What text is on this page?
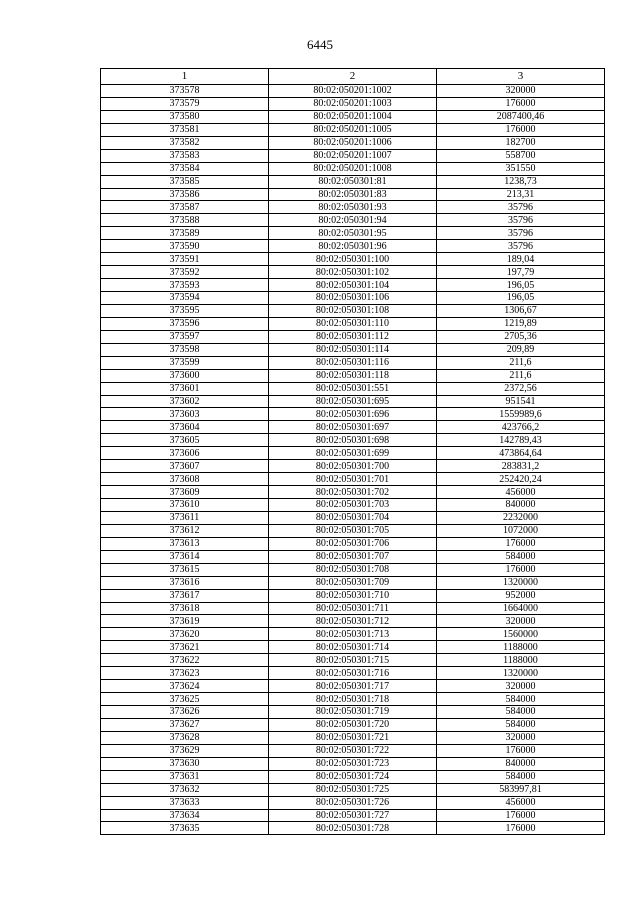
6445
1	2	3
373578	80:02:050201:1002	320000
373579	80:02:050201:1003	176000
373580	80:02:050201:1004	2087400,46
373581	80:02:050201:1005	176000
373582	80:02:050201:1006	182700
373583	80:02:050201:1007	558700
373584	80:02:050201:1008	351550
373585	80:02:050301:81	1238,73
373586	80:02:050301:83	213,31
373587	80:02:050301:93	35796
373588	80:02:050301:94	35796
373589	80:02:050301:95	35796
373590	80:02:050301:96	35796
373591	80:02:050301:100	189,04
373592	80:02:050301:102	197,79
373593	80:02:050301:104	196,05
373594	80:02:050301:106	196,05
373595	80:02:050301:108	1306,67
373596	80:02:050301:110	1219,89
373597	80:02:050301:112	2705,36
373598	80:02:050301:114	209,89
373599	80:02:050301:116	211,6
373600	80:02:050301:118	211,6
373601	80:02:050301:551	2372,56
373602	80:02:050301:695	951541
373603	80:02:050301:696	1559989,6
373604	80:02:050301:697	423766,2
373605	80:02:050301:698	142789,43
373606	80:02:050301:699	473864,64
373607	80:02:050301:700	283831,2
373608	80:02:050301:701	252420,24
373609	80:02:050301:702	456000
373610	80:02:050301:703	840000
373611	80:02:050301:704	2232000
373612	80:02:050301:705	1072000
373613	80:02:050301:706	176000
373614	80:02:050301:707	584000
373615	80:02:050301:708	176000
373616	80:02:050301:709	1320000
373617	80:02:050301:710	952000
373618	80:02:050301:711	1664000
373619	80:02:050301:712	320000
373620	80:02:050301:713	1560000
373621	80:02:050301:714	1188000
373622	80:02:050301:715	1188000
373623	80:02:050301:716	1320000
373624	80:02:050301:717	320000
373625	80:02:050301:718	584000
373626	80:02:050301:719	584000
373627	80:02:050301:720	584000
373628	80:02:050301:721	320000
373629	80:02:050301:722	176000
373630	80:02:050301:723	840000
373631	80:02:050301:724	584000
373632	80:02:050301:725	583997,81
373633	80:02:050301:726	456000
373634	80:02:050301:727	176000
373635	80:02:050301:728	176000
